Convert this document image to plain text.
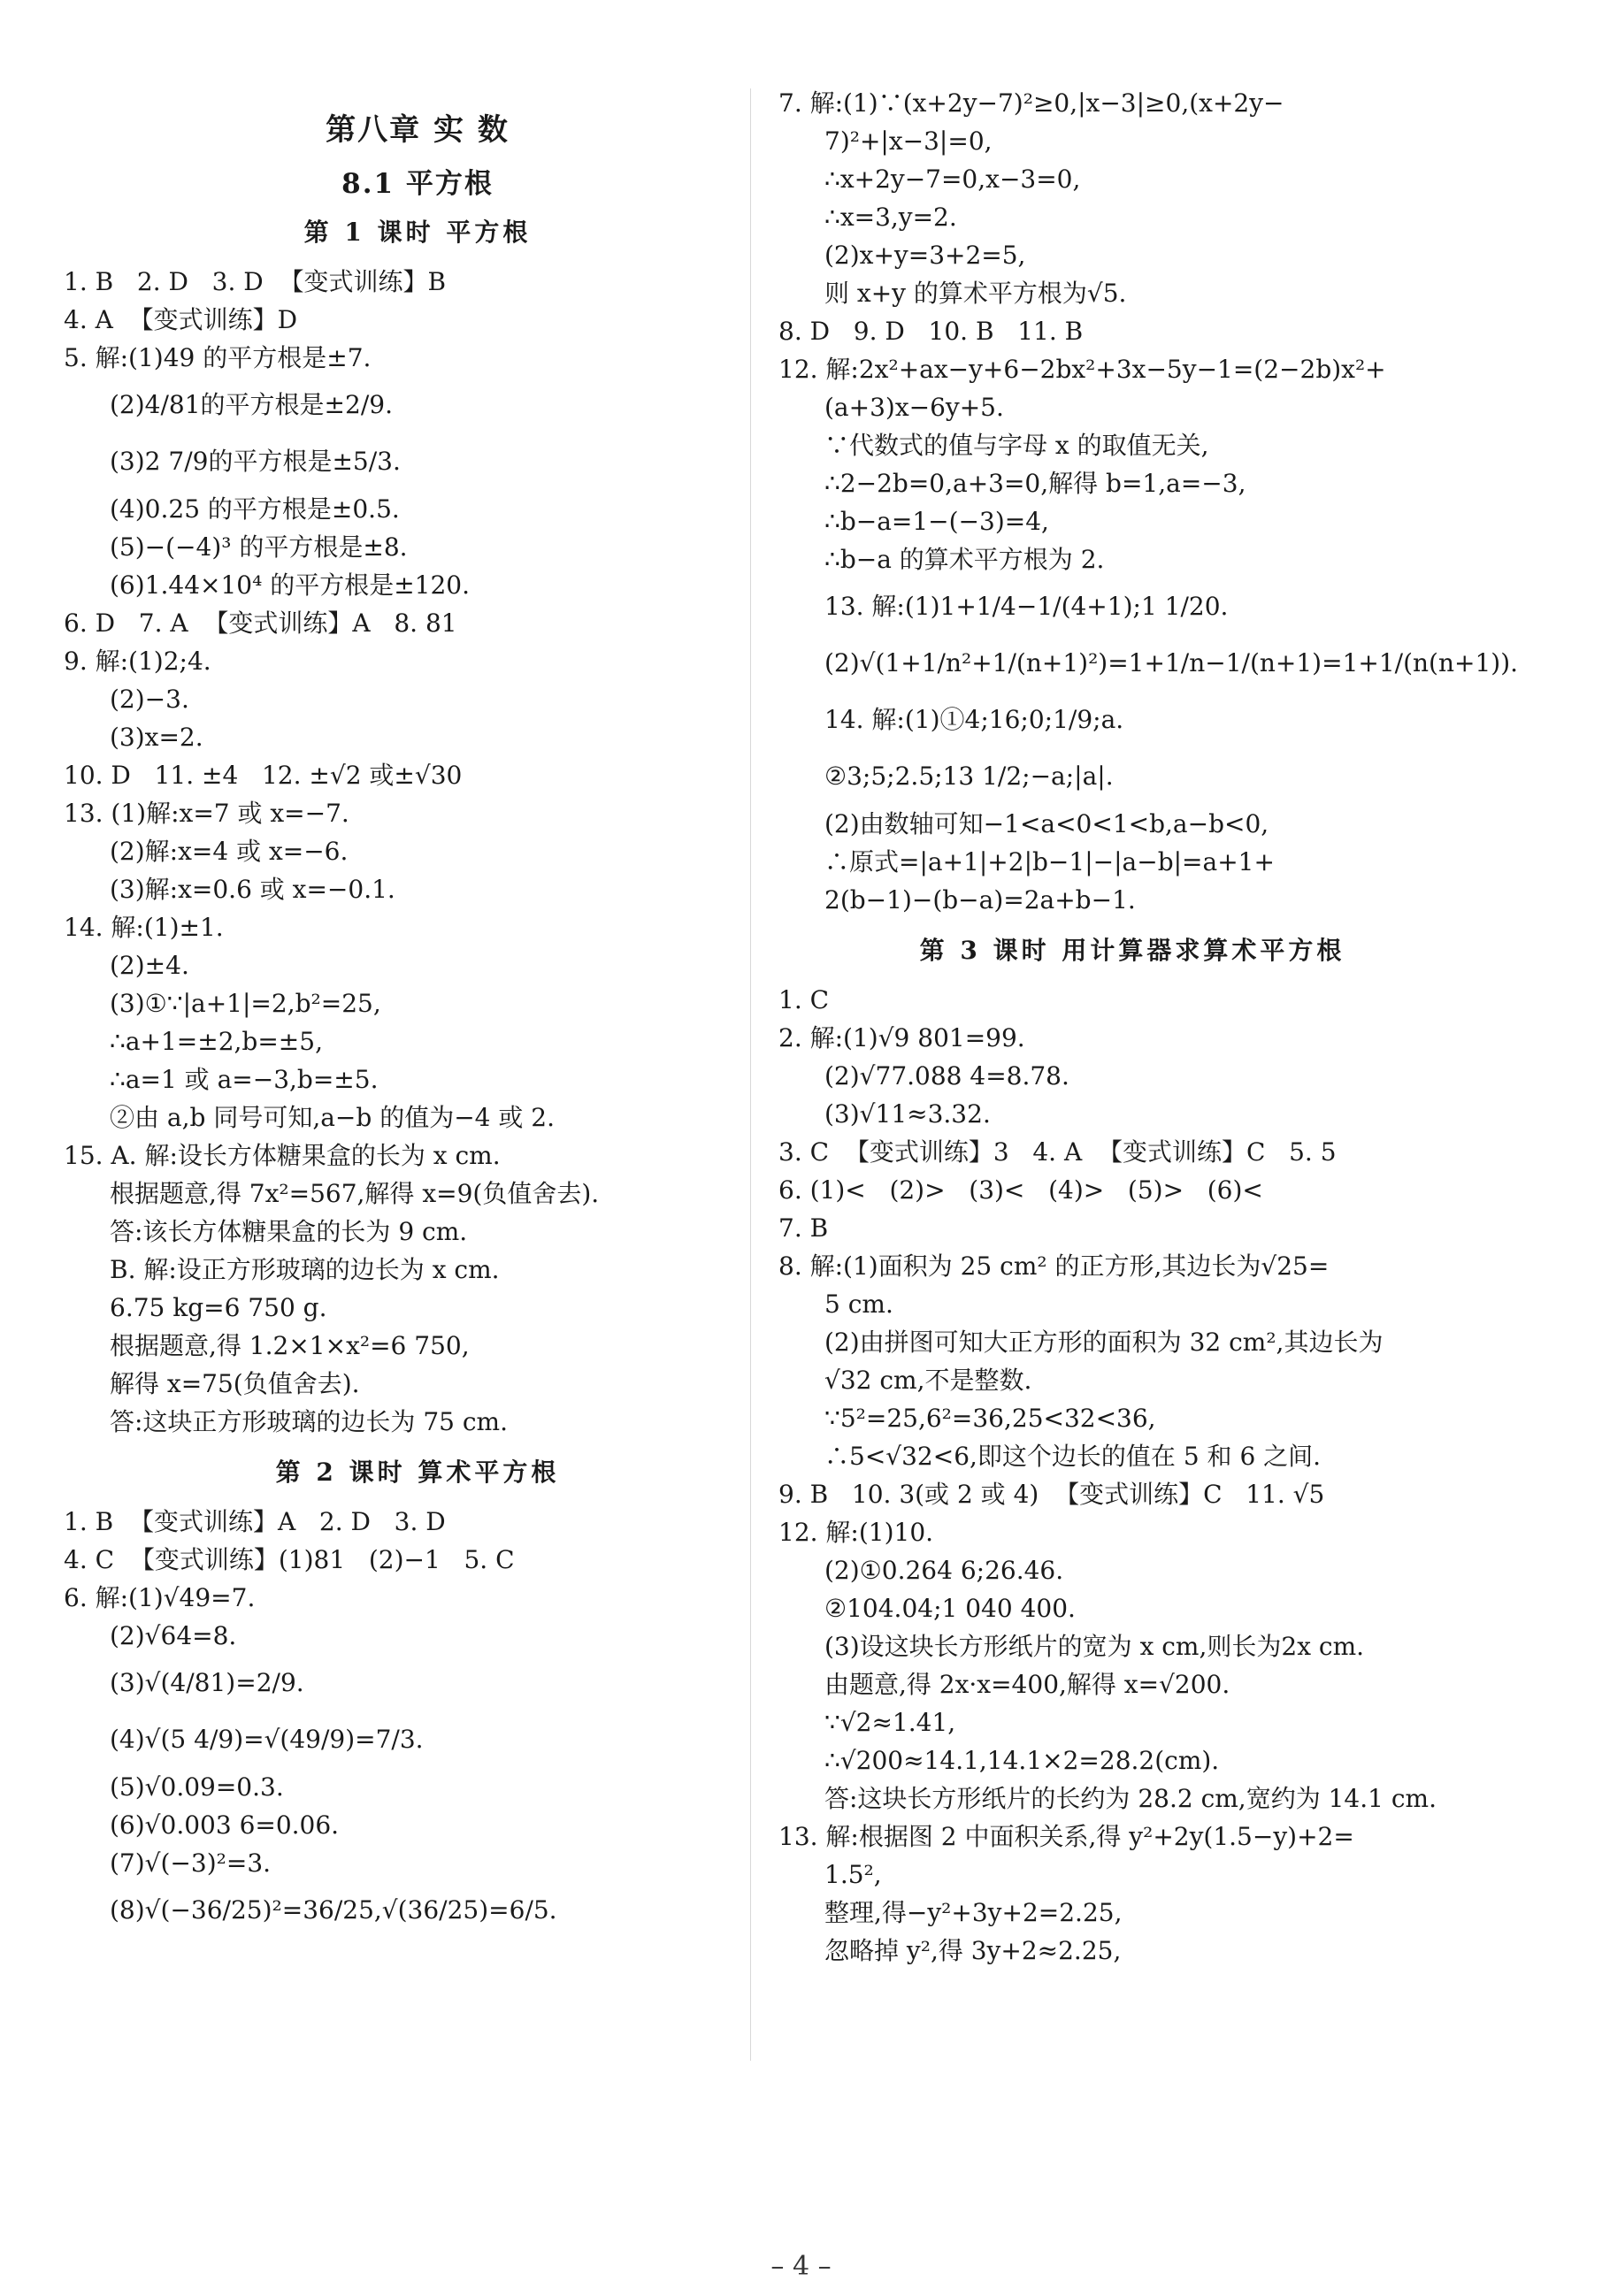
第八章 实 数
8.1 平方根
第 1 课时 平方根
1. B   2. D   3. D  【变式训练】B
4. A  【变式训练】D
5. 解:(1)49 的平方根是±7.
(2)4/81的平方根是±2/9.
(3)2 7/9的平方根是±5/3.
(4)0.25 的平方根是±0.5.
(5)−(−4)³ 的平方根是±8.
(6)1.44×10⁴ 的平方根是±120.
6. D   7. A  【变式训练】A   8. 81
9. 解:(1)2;4.
(2)−3.
(3)x=2.
10. D   11. ±4   12. ±√2 或±√30
13. (1)解:x=7 或 x=−7.
(2)解:x=4 或 x=−6.
(3)解:x=0.6 或 x=−0.1.
14. 解:(1)±1.
(2)±4.
(3)①∵|a+1|=2,b²=25,
∴a+1=±2,b=±5,
∴a=1 或 a=−3,b=±5.
②由 a,b 同号可知,a−b 的值为−4 或 2.
15. A. 解:设长方体糖果盒的长为 x cm.
根据题意,得 7x²=567,解得 x=9(负值舍去).
答:该长方体糖果盒的长为 9 cm.
B. 解:设正方形玻璃的边长为 x cm.
6.75 kg=6 750 g.
根据题意,得 1.2×1×x²=6 750,
解得 x=75(负值舍去).
答:这块正方形玻璃的边长为 75 cm.
第 2 课时 算术平方根
1. B  【变式训练】A   2. D   3. D
4. C  【变式训练】(1)81   (2)−1   5. C
6. 解:(1)√49=7.
(2)√64=8.
(3)√(4/81)=2/9.
(4)√(5 4/9)=√(49/9)=7/3.
(5)√0.09=0.3.
(6)√0.003 6=0.06.
(7)√(−3)²=3.
(8)√(−36/25)²=36/25,√(36/25)=6/5.
7. 解:(1)∵(x+2y−7)²≥0,|x−3|≥0,(x+2y−
7)²+|x−3|=0,
∴x+2y−7=0,x−3=0,
∴x=3,y=2.
(2)x+y=3+2=5,
则 x+y 的算术平方根为√5.
8. D   9. D   10. B   11. B
12. 解:2x²+ax−y+6−2bx²+3x−5y−1=(2−2b)x²+
(a+3)x−6y+5.
∵代数式的值与字母 x 的取值无关,
∴2−2b=0,a+3=0,解得 b=1,a=−3,
∴b−a=1−(−3)=4,
∴b−a 的算术平方根为 2.
13. 解:(1)1+1/4−1/(4+1);1 1/20.
(2)√(1+1/n²+1/(n+1)²)=1+1/n−1/(n+1)=1+1/(n(n+1)).
14. 解:(1)①4;16;0;1/9;a.
②3;5;2.5;13 1/2;−a;|a|.
(2)由数轴可知−1<a<0<1<b,a−b<0,
∴原式=|a+1|+2|b−1|−|a−b|=a+1+
2(b−1)−(b−a)=2a+b−1.
第 3 课时 用计算器求算术平方根
1. C
2. 解:(1)√9 801=99.
(2)√77.088 4=8.78.
(3)√11≈3.32.
3. C  【变式训练】3   4. A  【变式训练】C   5. 5
6. (1)<   (2)>   (3)<   (4)>   (5)>   (6)<
7. B
8. 解:(1)面积为 25 cm² 的正方形,其边长为√25=
5 cm.
(2)由拼图可知大正方形的面积为 32 cm²,其边长为
√32 cm,不是整数.
∵5²=25,6²=36,25<32<36,
∴5<√32<6,即这个边长的值在 5 和 6 之间.
9. B   10. 3(或 2 或 4)  【变式训练】C   11. √5
12. 解:(1)10.
(2)①0.264 6;26.46.
②104.04;1 040 400.
(3)设这块长方形纸片的宽为 x cm,则长为2x cm.
由题意,得 2x·x=400,解得 x=√200.
∵√2≈1.41,
∴√200≈14.1,14.1×2=28.2(cm).
答:这块长方形纸片的长约为 28.2 cm,宽约为 14.1 cm.
13. 解:根据图 2 中面积关系,得 y²+2y(1.5−y)+2=
1.5²,
整理,得−y²+3y+2=2.25,
忽略掉 y²,得 3y+2≈2.25,
– 4 –
